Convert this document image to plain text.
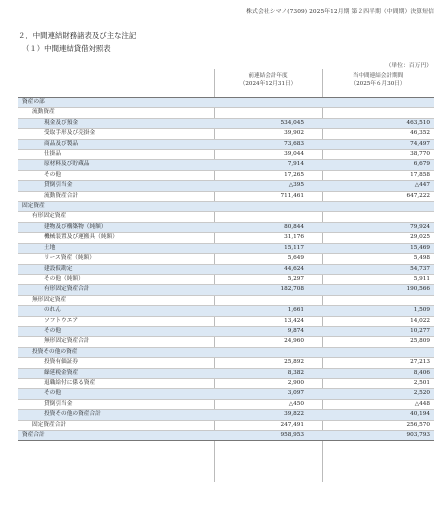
株式会社シマノ(7309) 2025年12月期 第２四半期（中間期）決算短信
２．中間連結財務諸表及び主な注記
（１）中間連結貸借対照表
（単位：百万円）
前連結会計年度
（2024年12月31日）
当中間連結会計期間
（2025年６月30日）
資産の部
流動資産
現金及び預金	534,045	463,510
受取手形及び売掛金	39,902	46,352
商品及び製品	73,683	74,497
仕掛品	39,044	38,770
原材料及び貯蔵品	7,914	6,679
その他	17,265	17,858
貸倒引当金	△395	△447
流動資産合計	711,461	647,222
固定資産
有形固定資産
建物及び構築物（純額）	80,844	79,924
機械装置及び運搬具（純額）	31,176	29,025
土地	15,117	15,469
リース資産（純額）	5,649	5,498
建設仮勘定	44,624	54,737
その他（純額）	5,297	5,911
有形固定資産合計	182,708	190,566
無形固定資産
のれん	1,661	1,509
ソフトウエア	13,424	14,022
その他	9,874	10,277
無形固定資産合計	24,960	25,809
投資その他の資産
投資有価証券	25,892	27,213
繰延税金資産	8,382	8,406
退職給付に係る資産	2,900	2,501
その他	3,097	2,520
貸倒引当金	△450	△448
投資その他の資産合計	39,822	40,194
固定資産合計	247,491	256,570
資産合計	958,953	903,793
